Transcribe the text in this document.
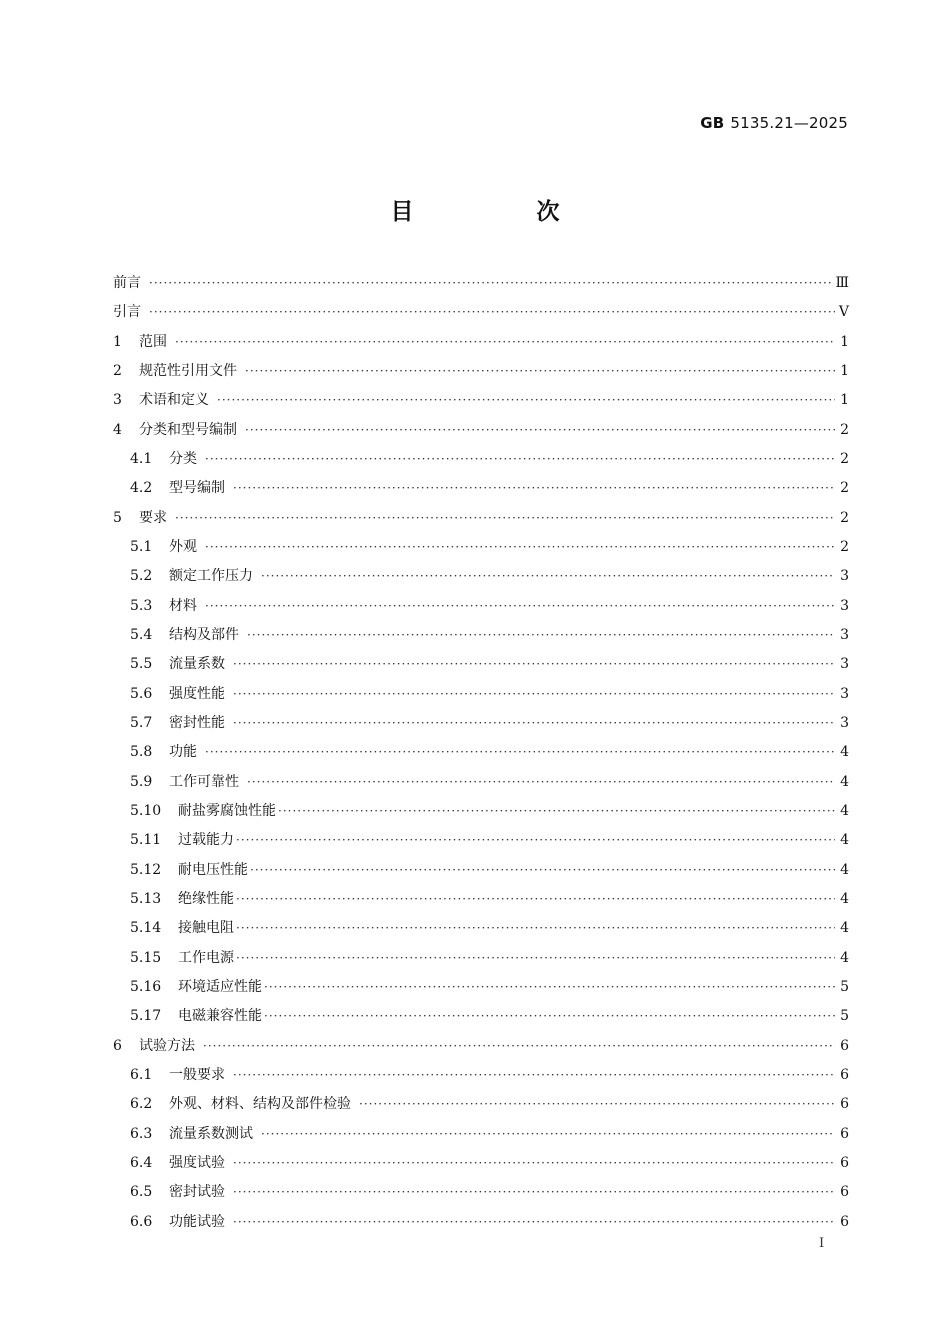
GB 5135.21—2025
目　次
前言 ·····	Ⅲ
引言 ·····	Ⅴ
1	范围 ·····	1
2	规范性引用文件 ·····	1
3	术语和定义 ·····	1
4	分类和型号编制 ·····	2
4.1	分类 ·····	2
4.2	型号编制 ·····	2
5	要求 ·····	2
5.1	外观 ·····	2
5.2	额定工作压力 ·····	3
5.3	材料 ·····	3
5.4	结构及部件 ·····	3
5.5	流量系数 ·····	3
5.6	强度性能 ·····	3
5.7	密封性能 ·····	3
5.8	功能 ·····	4
5.9	工作可靠性 ·····	4
5.10	耐盐雾腐蚀性能 ·····	4
5.11	过载能力 ·····	4
5.12	耐电压性能 ·····	4
5.13	绝缘性能 ·····	4
5.14	接触电阻 ·····	4
5.15	工作电源 ·····	4
5.16	环境适应性能 ·····	5
5.17	电磁兼容性能 ·····	5
6	试验方法 ·····	6
6.1	一般要求 ·····	6
6.2	外观、材料、结构及部件检验 ·····	6
6.3	流量系数测试 ·····	6
6.4	强度试验 ·····	6
6.5	密封试验 ·····	6
6.6	功能试验 ·····	6
I
